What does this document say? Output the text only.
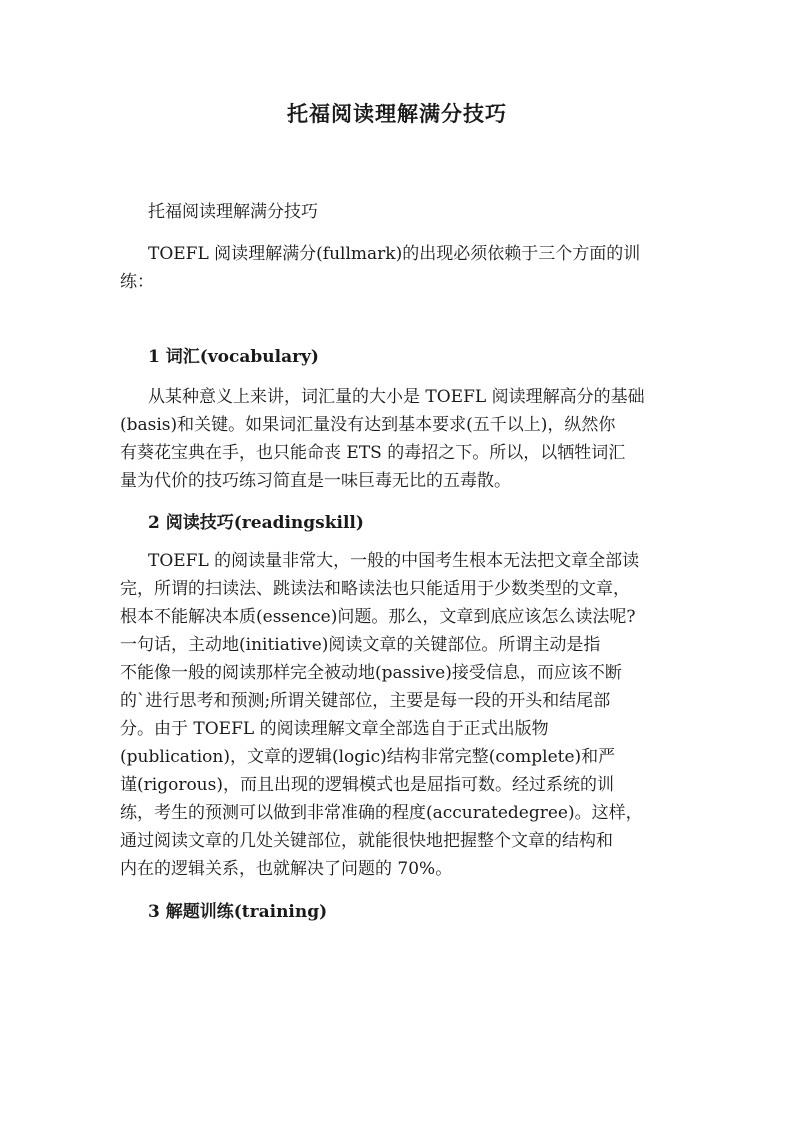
托福阅读理解满分技巧
托福阅读理解满分技巧
TOEFL 阅读理解满分(fullmark)的出现必须依赖于三个方面的训
练：
1 词汇(vocabulary)
从某种意义上来讲，词汇量的大小是 TOEFL 阅读理解高分的基础
(basis)和关键。如果词汇量没有达到基本要求(五千以上)，纵然你
有葵花宝典在手，也只能命丧 ETS 的毒招之下。所以，以牺牲词汇
量为代价的技巧练习简直是一味巨毒无比的五毒散。
2 阅读技巧(readingskill)
TOEFL 的阅读量非常大，一般的中国考生根本无法把文章全部读
完，所谓的扫读法、跳读法和略读法也只能适用于少数类型的文章，
根本不能解决本质(essence)问题。那么，文章到底应该怎么读法呢?
一句话，主动地(initiative)阅读文章的关键部位。所谓主动是指
不能像一般的阅读那样完全被动地(passive)接受信息，而应该不断
的`进行思考和预测;所谓关键部位，主要是每一段的开头和结尾部
分。由于 TOEFL 的阅读理解文章全部选自于正式出版物
(publication)，文章的逻辑(logic)结构非常完整(complete)和严
谨(rigorous)，而且出现的逻辑模式也是屈指可数。经过系统的训
练，考生的预测可以做到非常准确的程度(accuratedegree)。这样，
通过阅读文章的几处关键部位，就能很快地把握整个文章的结构和
内在的逻辑关系，也就解决了问题的 70%。
3 解题训练(training)
